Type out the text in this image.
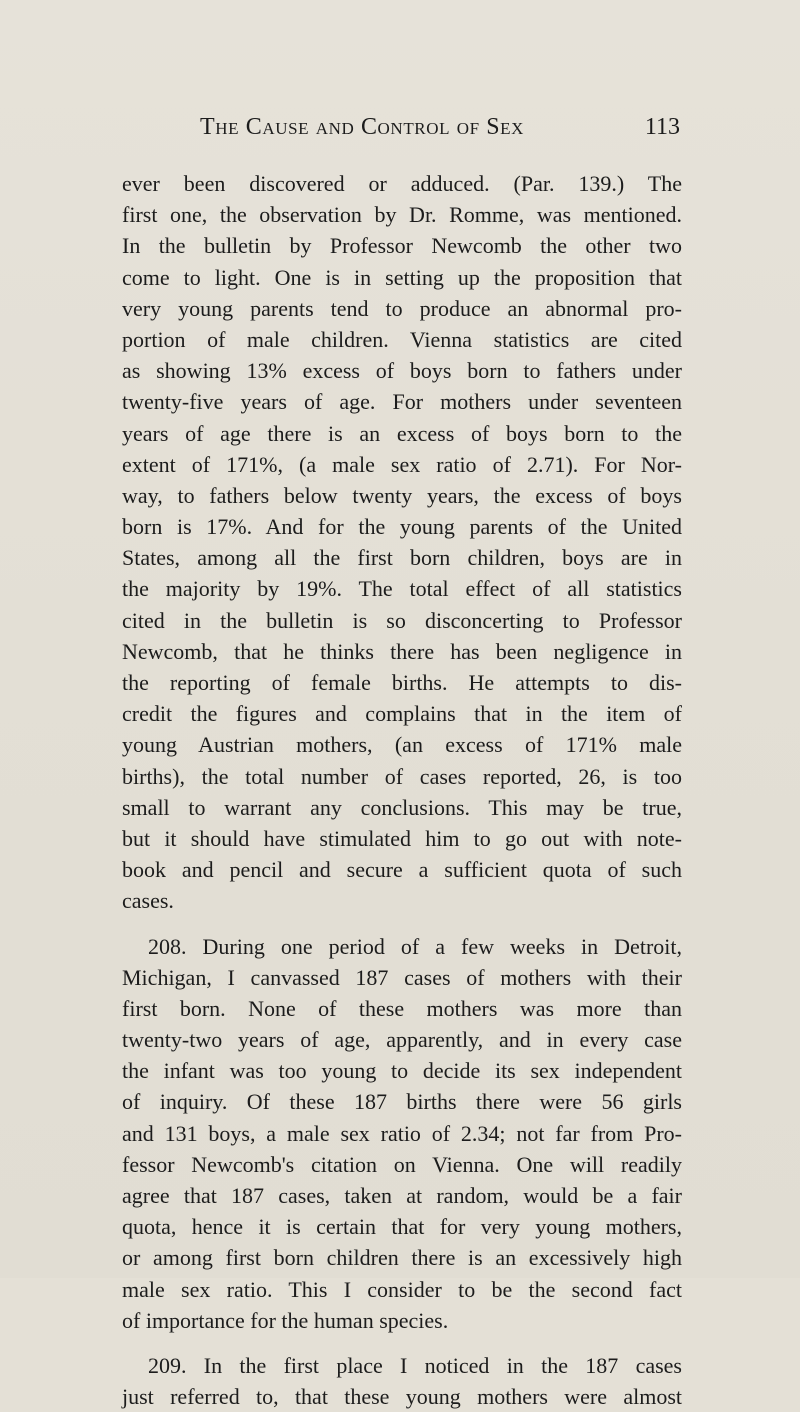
The Cause and Control of Sex	113
ever been discovered or adduced. (Par. 139.) The
first one, the observation by Dr. Romme, was mentioned.
In the bulletin by Professor Newcomb the other two
come to light. One is in setting up the proposition that
very young parents tend to produce an abnormal pro-
portion of male children. Vienna statistics are cited
as showing 13% excess of boys born to fathers under
twenty-five years of age. For mothers under seventeen
years of age there is an excess of boys born to the
extent of 171%, (a male sex ratio of 2.71). For Nor-
way, to fathers below twenty years, the excess of boys
born is 17%. And for the young parents of the United
States, among all the first born children, boys are in
the majority by 19%. The total effect of all statistics
cited in the bulletin is so disconcerting to Professor
Newcomb, that he thinks there has been negligence in
the reporting of female births. He attempts to dis-
credit the figures and complains that in the item of
young Austrian mothers, (an excess of 171% male
births), the total number of cases reported, 26, is too
small to warrant any conclusions. This may be true,
but it should have stimulated him to go out with note-
book and pencil and secure a sufficient quota of such
cases.
208. During one period of a few weeks in Detroit,
Michigan, I canvassed 187 cases of mothers with their
first born. None of these mothers was more than
twenty-two years of age, apparently, and in every case
the infant was too young to decide its sex independent
of inquiry. Of these 187 births there were 56 girls
and 131 boys, a male sex ratio of 2.34; not far from Pro-
fessor Newcomb's citation on Vienna. One will readily
agree that 187 cases, taken at random, would be a fair
quota, hence it is certain that for very young mothers,
or among first born children there is an excessively high
male sex ratio. This I consider to be the second fact
of importance for the human species.
209. In the first place I noticed in the 187 cases
just referred to, that these young mothers were almost
